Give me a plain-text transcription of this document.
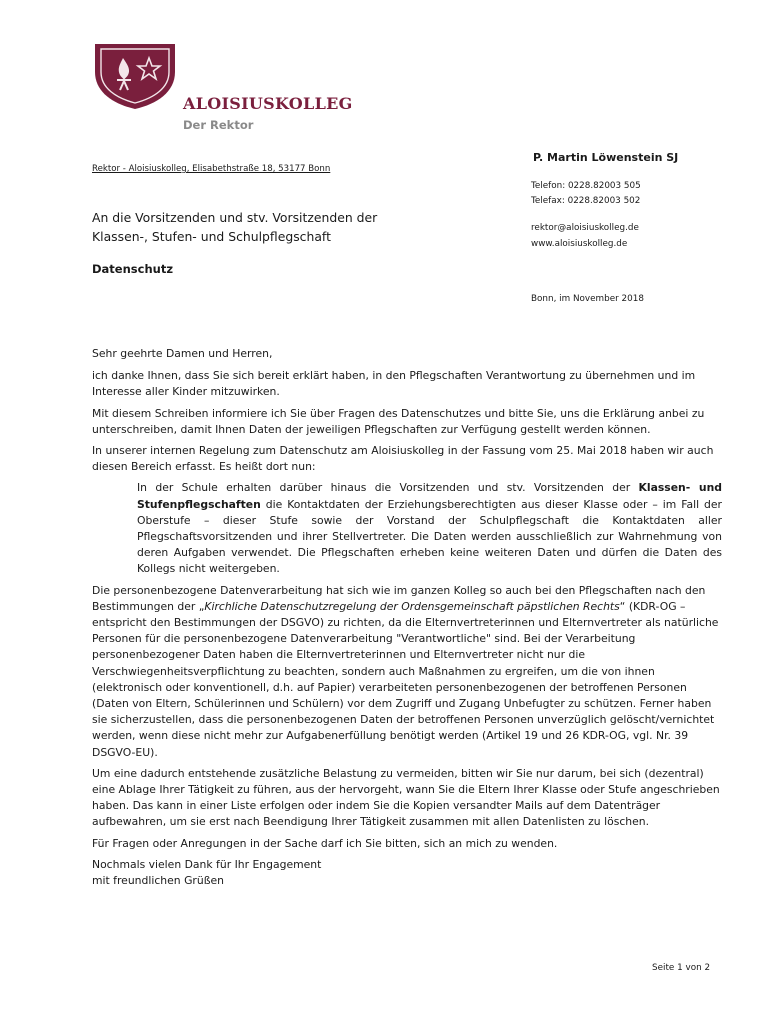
ALOISIUSKOLLEG
Der Rektor
P. Martin Löwenstein SJ
Rektor - Aloisiuskolleg, Elisabethstraße 18, 53177 Bonn
Telefon: 0228.82003 505
Telefax: 0228.82003 502
rektor@aloisiuskolleg.de
www.aloisiuskolleg.de
An die Vorsitzenden und stv. Vorsitzenden der
Klassen-, Stufen- und Schulpflegschaft
Datenschutz
Bonn, im November 2018

Sehr geehrte Damen und Herren,

ich danke Ihnen, dass Sie sich bereit erklärt haben, in den Pflegschaften Verantwortung zu übernehmen und im Interesse aller Kinder mitzuwirken.

Mit diesem Schreiben informiere ich Sie über Fragen des Datenschutzes und bitte Sie, uns die Erklärung anbei zu unterschreiben, damit Ihnen Daten der jeweiligen Pflegschaften zur Verfügung gestellt werden können.

In unserer internen Regelung zum Datenschutz am Aloisiuskolleg in der Fassung vom 25. Mai 2018 haben wir auch diesen Bereich erfasst. Es heißt dort nun:

In der Schule erhalten darüber hinaus die Vorsitzenden und stv. Vorsitzenden der Klassen- und Stufenpflegschaften die Kontaktdaten der Erziehungsberechtigten aus dieser Klasse oder – im Fall der Oberstufe – dieser Stufe sowie der Vorstand der Schulpflegschaft die Kontaktdaten aller Pflegschaftsvorsitzenden und ihrer Stellvertreter. Die Daten werden ausschließlich zur Wahrnehmung von deren Aufgaben verwendet. Die Pflegschaften erheben keine weiteren Daten und dürfen die Daten des Kollegs nicht weitergeben.

Die personenbezogene Datenverarbeitung hat sich wie im ganzen Kolleg so auch bei den Pflegschaften nach den Bestimmungen der „Kirchliche Datenschutzregelung der Ordensgemeinschaft päpstlichen Rechts“ (KDR-OG – entspricht den Bestimmungen der DSGVO) zu richten, da die Elternvertreterinnen und Elternvertreter als natürliche Personen für die personenbezogene Datenverarbeitung "Verantwortliche" sind. Bei der Verarbeitung personenbezogener Daten haben die Elternvertreterinnen und Elternvertreter nicht nur die Verschwiegenheitsverpflichtung zu beachten, sondern auch Maßnahmen zu ergreifen, um die von ihnen (elektronisch oder konventionell, d.h. auf Papier) verarbeiteten personenbezogenen der betroffenen Personen (Daten von Eltern, Schülerinnen und Schülern) vor dem Zugriff und Zugang Unbefugter zu schützen. Ferner haben sie sicherzustellen, dass die personenbezogenen Daten der betroffenen Personen unverzüglich gelöscht/vernichtet werden, wenn diese nicht mehr zur Aufgabenerfüllung benötigt werden (Artikel 19 und 26 KDR-OG, vgl. Nr. 39 DSGVO-EU).

Um eine dadurch entstehende zusätzliche Belastung zu vermeiden, bitten wir Sie nur darum, bei sich (dezentral) eine Ablage Ihrer Tätigkeit zu führen, aus der hervorgeht, wann Sie die Eltern Ihrer Klasse oder Stufe angeschrieben haben. Das kann in einer Liste erfolgen oder indem Sie die Kopien versandter Mails auf dem Datenträger aufbewahren, um sie erst nach Beendigung Ihrer Tätigkeit zusammen mit allen Datenlisten zu löschen.

Für Fragen oder Anregungen in der Sache darf ich Sie bitten, sich an mich zu wenden.

Nochmals vielen Dank für Ihr Engagement
mit freundlichen Grüßen
Seite 1 von 2
